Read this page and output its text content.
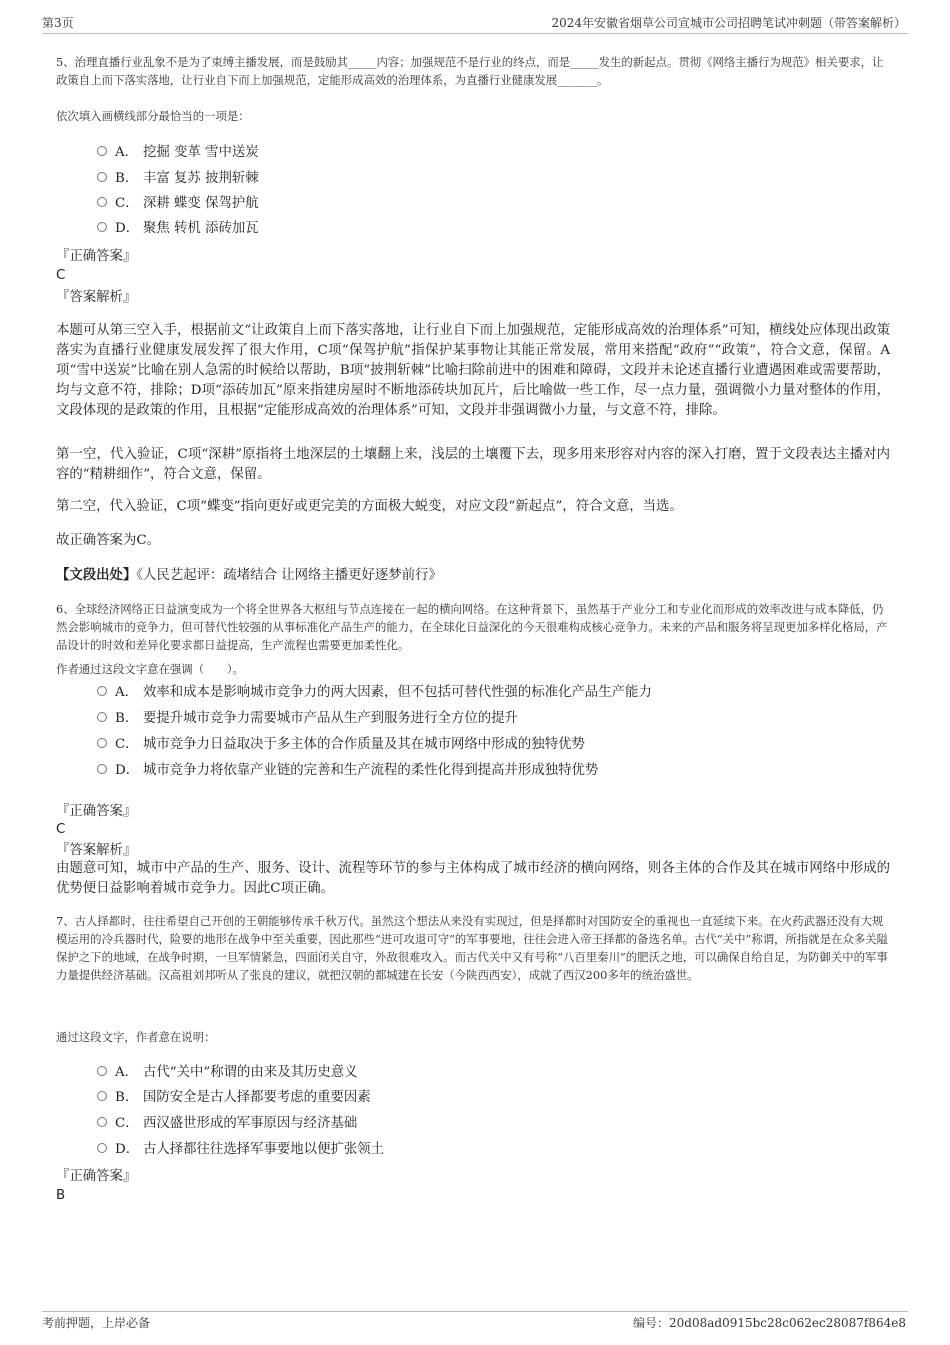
第3页	2024年安徽省烟草公司宣城市公司招聘笔试冲刺题（带答案解析）
5、治理直播行业乱象不是为了束缚主播发展，而是鼓励其_____内容；加强规范不是行业的终点，而是_____发生的新起点。贯彻《网络主播行为规范》相关要求，让政策自上而下落实落地，让行业自下而上加强规范，定能形成高效的治理体系，为直播行业健康发展_______。
依次填入画横线部分最恰当的一项是：
A． 挖掘 变革 雪中送炭
B. 丰富 复苏 披荆斩棘
C． 深耕 蝶变 保驾护航
D． 聚焦 转机 添砖加瓦
『正确答案』
C
『答案解析』
本题可从第三空入手，根据前文“让政策自上而下落实落地，让行业自下而上加强规范，定能形成高效的治理体系”可知，横线处应体现出政策落实为直播行业健康发展发挥了很大作用，C项“保驾护航”指保护某事物让其能正常发展，常用来搭配“政府”“政策”，符合文意，保留。A项“雪中送炭”比喻在别人急需的时候给以帮助，B项“披荆斩棘”比喻扫除前进中的困难和障碍，文段并未论述直播行业遭遇困难或需要帮助，均与文意不符，排除；D项“添砖加瓦”原来指建房屋时不断地添砖块加瓦片，后比喻做一些工作，尽一点力量，强调微小力量对整体的作用，文段体现的是政策的作用，且根据“定能形成高效的治理体系”可知，文段并非强调微小力量，与文意不符，排除。
第一空，代入验证，C项“深耕”原指将土地深层的土壤翻上来，浅层的土壤覆下去，现多用来形容对内容的深入打磨，置于文段表达主播对内容的“精耕细作”，符合文意，保留。
第二空，代入验证，C项“蝶变”指向更好或更完美的方面极大蜕变，对应文段“新起点”，符合文意，当选。
故正确答案为C。
【文段出处】《人民艺起评：疏堵结合 让网络主播更好逐梦前行》
6、全球经济网络正日益演变成为一个将全世界各大枢纽与节点连接在一起的横向网络。在这种背景下，虽然基于产业分工和专业化而形成的效率改进与成本降低，仍然会影响城市的竞争力，但可替代性较强的从事标准化产品生产的能力，在全球化日益深化的今天很难构成核心竞争力。未来的产品和服务将呈现更加多样化格局，产品设计的时效和差异化要求都日益提高，生产流程也需要更加柔性化。
作者通过这段文字意在强调（　　）。
A． 效率和成本是影响城市竞争力的两大因素，但不包括可替代性强的标准化产品生产能力
B. 要提升城市竞争力需要城市产品从生产到服务进行全方位的提升
C． 城市竞争力日益取决于多主体的合作质量及其在城市网络中形成的独特优势
D． 城市竞争力将依靠产业链的完善和生产流程的柔性化得到提高并形成独特优势
『正确答案』
C
『答案解析』
由题意可知，城市中产品的生产、服务、设计、流程等环节的参与主体构成了城市经济的横向网络，则各主体的合作及其在城市网络中形成的优势便日益影响着城市竞争力。因此C项正确。
7、古人择都时，往往希望自己开创的王朝能够传承千秋万代。虽然这个想法从来没有实现过，但是择都时对国防安全的重视也一直延续下来。在火药武器还没有大规模运用的冷兵器时代，险要的地形在战争中至关重要，因此那些“进可攻退可守”的军事要地，往往会进入帝王择都的备选名单。古代“关中”称谓，所指就是在众多关隘保护之下的地域，在战争时期，一旦军情紧急，四面闭关自守，外敌很难攻入。而古代关中又有号称“八百里秦川”的肥沃之地，可以确保自给自足，为防御关中的军事力量提供经济基础。汉高祖刘邦听从了张良的建议，就把汉朝的都城建在长安（今陕西西安），成就了西汉200多年的统治盛世。
通过这段文字，作者意在说明：
A． 古代“关中”称谓的由来及其历史意义
B. 国防安全是古人择都要考虑的重要因素
C． 西汉盛世形成的军事原因与经济基础
D． 古人择都往往选择军事要地以便扩张领土
『正确答案』
B
考前押题，上岸必备	编号：20d08ad0915bc28c062ec28087f864e8
